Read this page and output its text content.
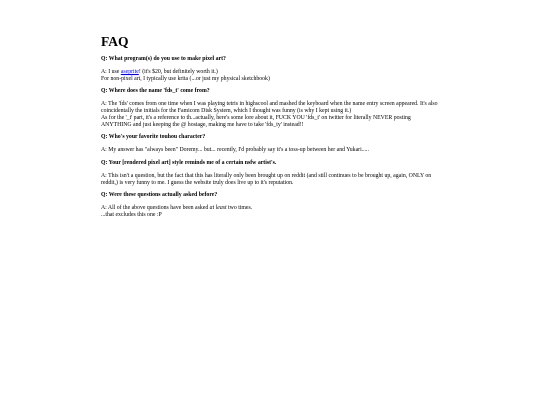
FAQ
Q: What program(s) do you use to make pixel art?

A: I use aseprite! (it's $20, but definitely worth it.)

For non-pixel art, I typically use krita (...or just my physical sketchbook)

Q: Where does the name 'fds_t' come from?

A: The 'fds' comes from one time when I was playing tetris in highscool and mashed the keyboard when the name entry screen appeared. It's also coincidentally the initials for the Famicom Disk System, which I thought was funny (is why I kept using it.)

As for the '_t' part, it's a reference to th...actually, here's some lore about it, FUCK YOU 'fds_t' on twitter for literally NEVER posting ANYTHING and just keeping the @ hostage, making me have to take 'fds_ty' instead!!

Q: Who's your favorite touhou character?

A: My answer has "always been" Doremy... but... recently, I'd probably say it's a toss-up between her and Yukari.....

Q: Your [rendered pixel art] style reminds me of a certain nsfw artist's.

A: This isn't a question, but the fact that this has literally only been brought up on reddit (and still continues to be brought up, again, ONLY on reddit,) is very funny to me. I guess the website truly does live up to it's reputation.

Q: Were these questions actually asked before?

A: All of the above questions have been asked at least two times.

...that excludes this one :P
